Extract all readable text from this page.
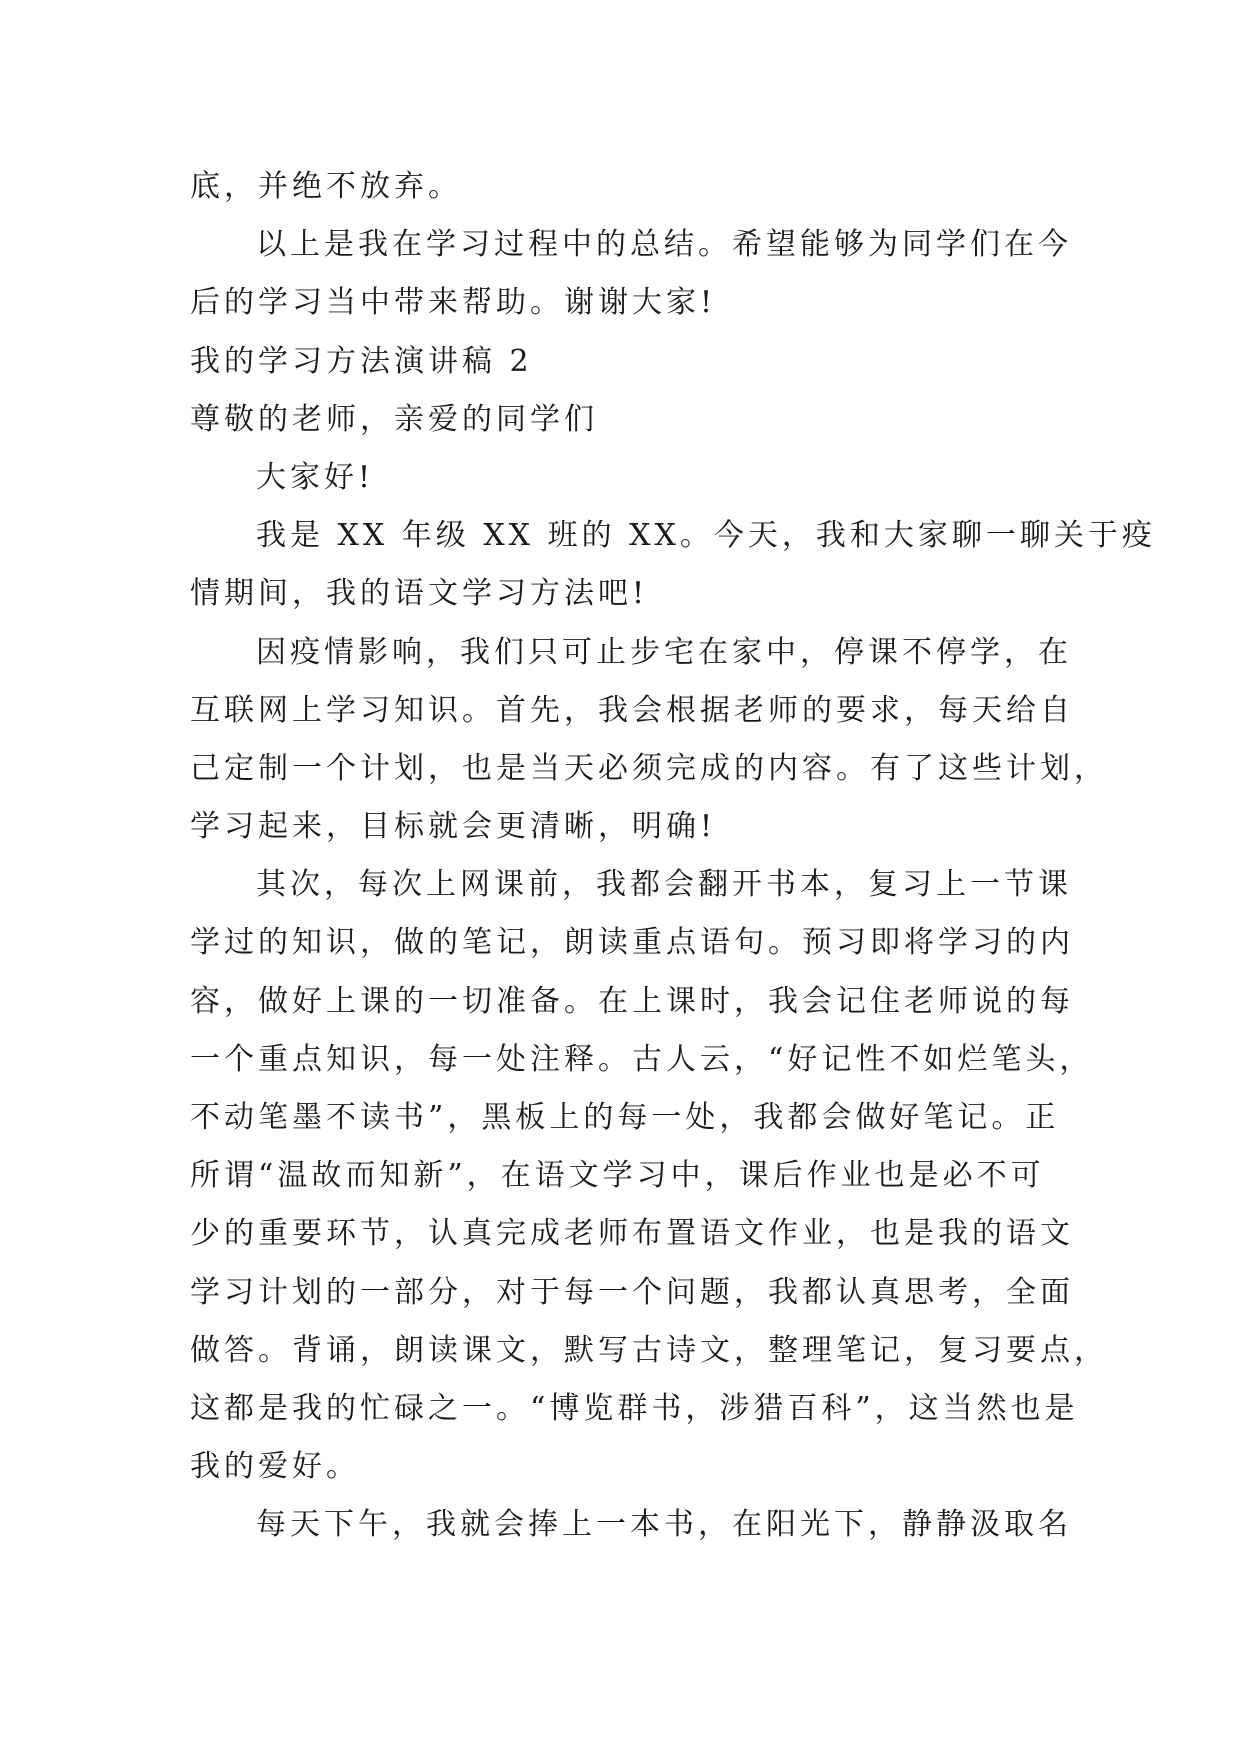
底，并绝不放弃。
以上是我在学习过程中的总结。希望能够为同学们在今
后的学习当中带来帮助。谢谢大家!
我的学习方法演讲稿 2
尊敬的老师，亲爱的同学们
大家好!
我是 XX 年级 XX 班的 XX。今天，我和大家聊一聊关于疫
情期间，我的语文学习方法吧!
因疫情影响，我们只可止步宅在家中，停课不停学，在
互联网上学习知识。首先，我会根据老师的要求，每天给自
己定制一个计划，也是当天必须完成的内容。有了这些计划，
学习起来，目标就会更清晰，明确!
其次，每次上网课前，我都会翻开书本，复习上一节课
学过的知识，做的笔记，朗读重点语句。预习即将学习的内
容，做好上课的一切准备。在上课时，我会记住老师说的每
一个重点知识，每一处注释。古人云，“好记性不如烂笔头，
不动笔墨不读书”，黑板上的每一处，我都会做好笔记。正
所谓“温故而知新”，在语文学习中，课后作业也是必不可
少的重要环节，认真完成老师布置语文作业，也是我的语文
学习计划的一部分，对于每一个问题，我都认真思考，全面
做答。背诵，朗读课文，默写古诗文，整理笔记，复习要点，
这都是我的忙碌之一。“博览群书，涉猎百科”，这当然也是
我的爱好。
每天下午，我就会捧上一本书，在阳光下，静静汲取名
